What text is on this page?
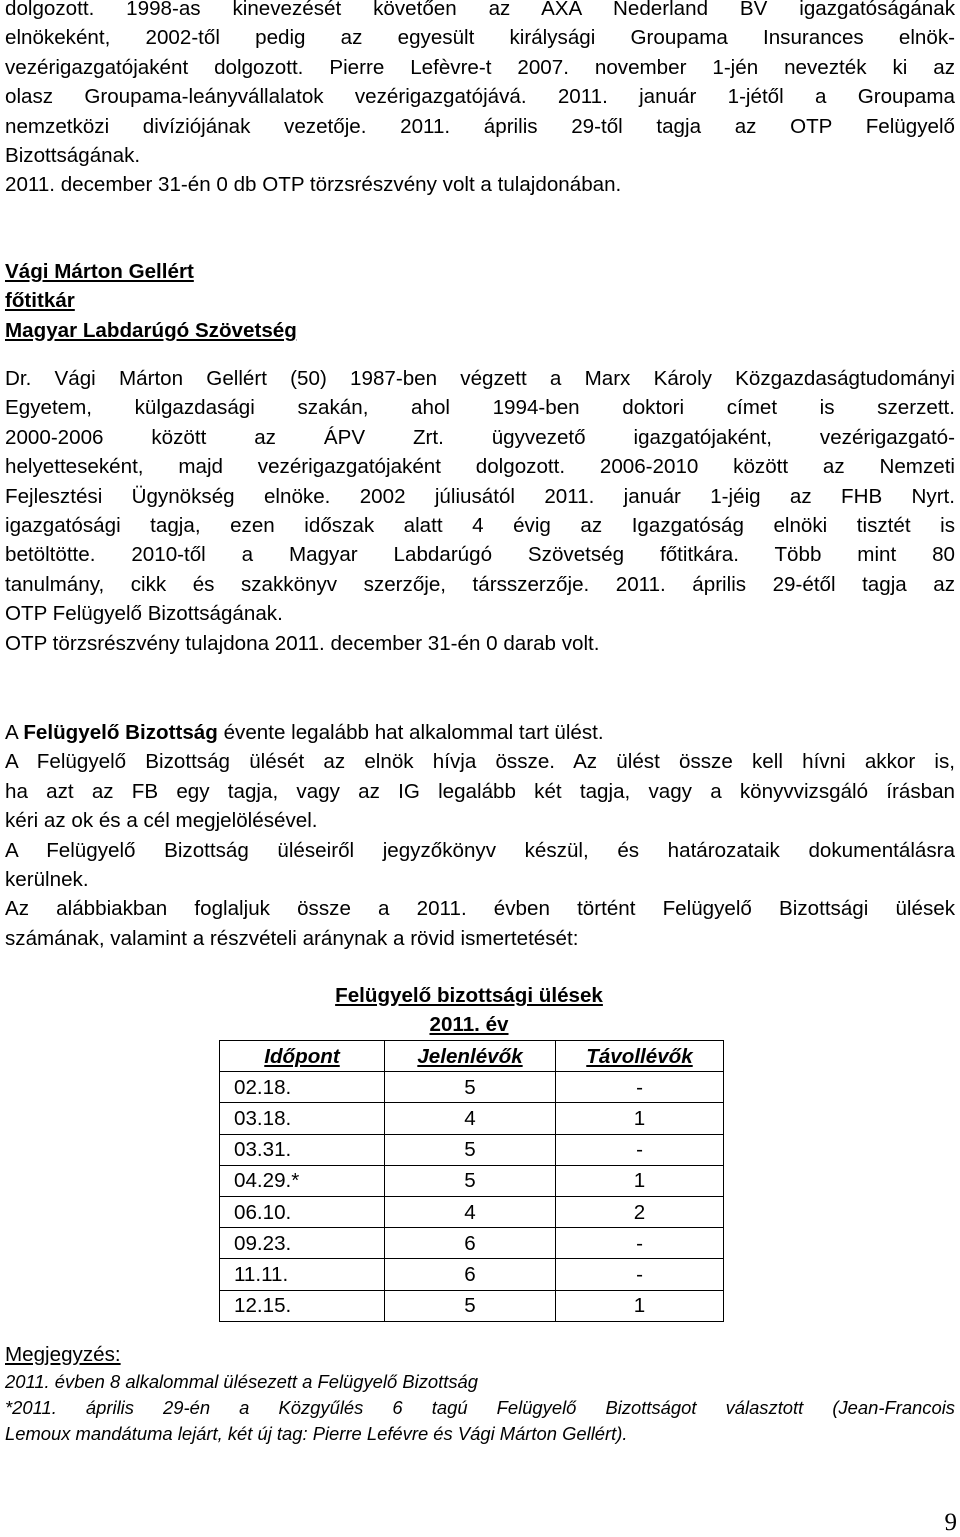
dolgozott. 1998-as kinevezését követően az AXA Nederland BV igazgatóságának
elnökeként, 2002-től pedig az egyesült királysági Groupama Insurances elnök-
vezérigazgatójaként dolgozott. Pierre Lefèvre-t 2007. november 1-jén nevezték ki az
olasz Groupama-leányvállalatok vezérigazgatójává. 2011. január 1-jétől a Groupama
nemzetközi divíziójának vezetője. 2011. április 29-től tagja az OTP Felügyelő
Bizottságának.
2011. december 31-én 0 db OTP törzsrészvény volt a tulajdonában.
Vági Márton Gellért
főtitkár
Magyar Labdarúgó Szövetség
Dr. Vági Márton Gellért (50) 1987-ben végzett a Marx Károly Közgazdaságtudományi
Egyetem, külgazdasági szakán, ahol 1994-ben doktori címet is szerzett.
2000-2006 között az ÁPV Zrt. ügyvezető igazgatójaként, vezérigazgató-
helyetteseként, majd vezérigazgatójaként dolgozott. 2006-2010 között az Nemzeti
Fejlesztési Ügynökség elnöke. 2002 júliusától 2011. január 1-jéig az FHB Nyrt.
igazgatósági tagja, ezen időszak alatt 4 évig az Igazgatóság elnöki tisztét is
betöltötte. 2010-től a Magyar Labdarúgó Szövetség főtitkára. Több mint 80
tanulmány, cikk és szakkönyv szerzője, társszerzője. 2011. április 29-étől tagja az
OTP Felügyelő Bizottságának.
OTP törzsrészvény tulajdona 2011. december 31-én 0 darab volt.
A Felügyelő Bizottság évente legalább hat alkalommal tart ülést.
A Felügyelő Bizottság ülését az elnök hívja össze. Az ülést össze kell hívni akkor is,
ha azt az FB egy tagja, vagy az IG legalább két tagja, vagy a könyvvizsgáló írásban
kéri az ok és a cél megjelölésével.
A Felügyelő Bizottság üléseiről jegyzőkönyv készül, és határozataik dokumentálásra
kerülnek.
Az alábbiakban foglaljuk össze a 2011. évben történt Felügyelő Bizottsági ülések
számának, valamint a részvételi aránynak a rövid ismertetését:
Felügyelő bizottsági ülések
2011. év
Időpont	Jelenlévők	Távollévők
02.18.	5	-
03.18.	4	1
03.31.	5	-
04.29.*	5	1
06.10.	4	2
09.23.	6	-
11.11.	6	-
12.15.	5	1
Megjegyzés:
2011. évben 8 alkalommal ülésezett a Felügyelő Bizottság
*2011. április 29-én a Közgyűlés 6 tagú Felügyelő Bizottságot választott (Jean-Francois
Lemoux mandátuma lejárt, két új tag: Pierre Lefévre és Vági Márton Gellért).
9
